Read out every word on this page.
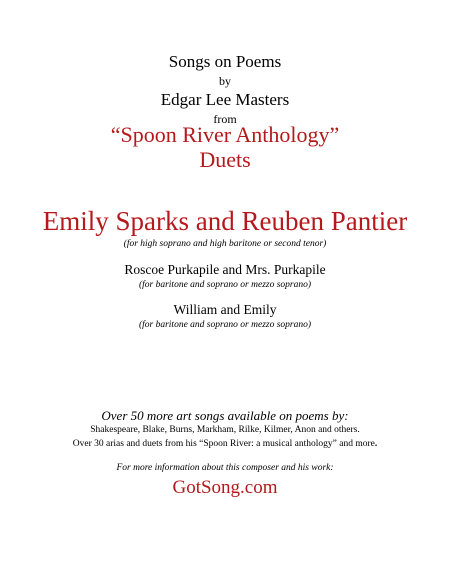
Songs on Poems
by
Edgar Lee Masters
from
“Spoon River Anthology”
Duets
Emily Sparks and Reuben Pantier
(for high soprano and high baritone or second tenor)
Roscoe Purkapile and Mrs. Purkapile
(for baritone and soprano or mezzo soprano)
William and Emily
(for baritone and soprano or mezzo soprano)
Over 50 more art songs available on poems by:
Shakespeare, Blake, Burns, Markham, Rilke, Kilmer, Anon and others.
Over 30 arias and duets from his “Spoon River: a musical anthology” and more.
For more information about this composer and his work:
GotSong.com
